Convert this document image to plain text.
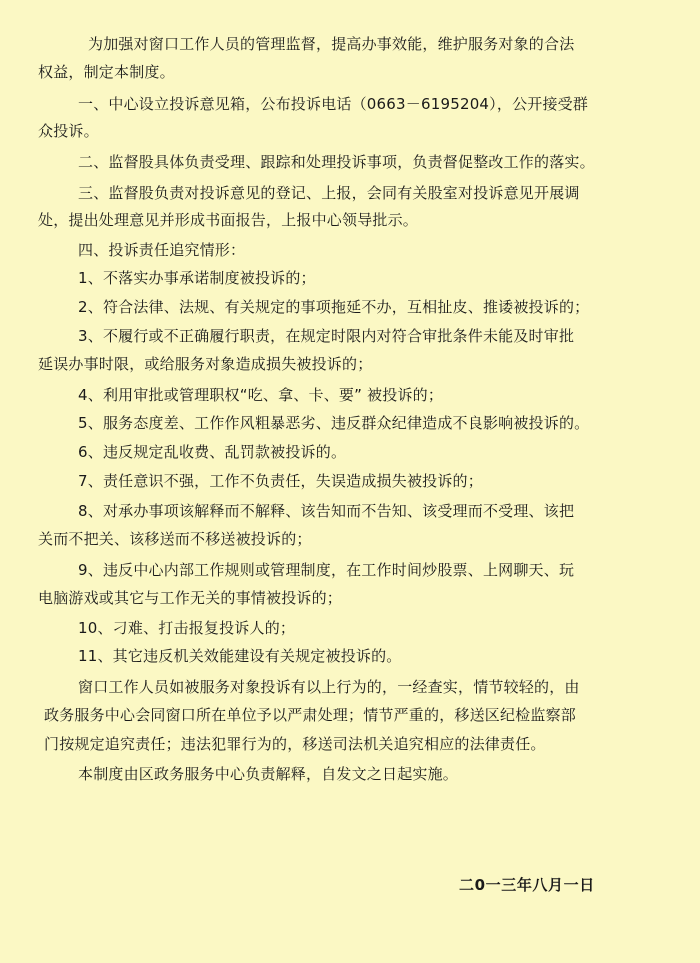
为加强对窗口工作人员的管理监督，提高办事效能，维护服务对象的合法
权益，制定本制度。
一、中心设立投诉意见箱，公布投诉电话（0663－6195204），公开接受群
众投诉。
二、监督股具体负责受理、跟踪和处理投诉事项，负责督促整改工作的落实。
三、监督股负责对投诉意见的登记、上报，会同有关股室对投诉意见开展调
处，提出处理意见并形成书面报告，上报中心领导批示。
四、投诉责任追究情形：
1、不落实办事承诺制度被投诉的；
2、符合法律、法规、有关规定的事项拖延不办，互相扯皮、推诿被投诉的；
3、不履行或不正确履行职责，在规定时限内对符合审批条件未能及时审批
延误办事时限，或给服务对象造成损失被投诉的；
4、利用审批或管理职权“吃、拿、卡、要” 被投诉的；
5、服务态度差、工作作风粗暴恶劣、违反群众纪律造成不良影响被投诉的。
6、违反规定乱收费、乱罚款被投诉的。
7、责任意识不强，工作不负责任，失误造成损失被投诉的；
8、对承办事项该解释而不解释、该告知而不告知、该受理而不受理、该把
关而不把关、该移送而不移送被投诉的；
9、违反中心内部工作规则或管理制度，在工作时间炒股票、上网聊天、玩
电脑游戏或其它与工作无关的事情被投诉的；
10、刁难、打击报复投诉人的；
11、其它违反机关效能建设有关规定被投诉的。
窗口工作人员如被服务对象投诉有以上行为的，一经查实，情节较轻的，由
政务服务中心会同窗口所在单位予以严肃处理；情节严重的，移送区纪检监察部
门按规定追究责任；违法犯罪行为的，移送司法机关追究相应的法律责任。
本制度由区政务服务中心负责解释，自发文之日起实施。
二0一三年八月一日
